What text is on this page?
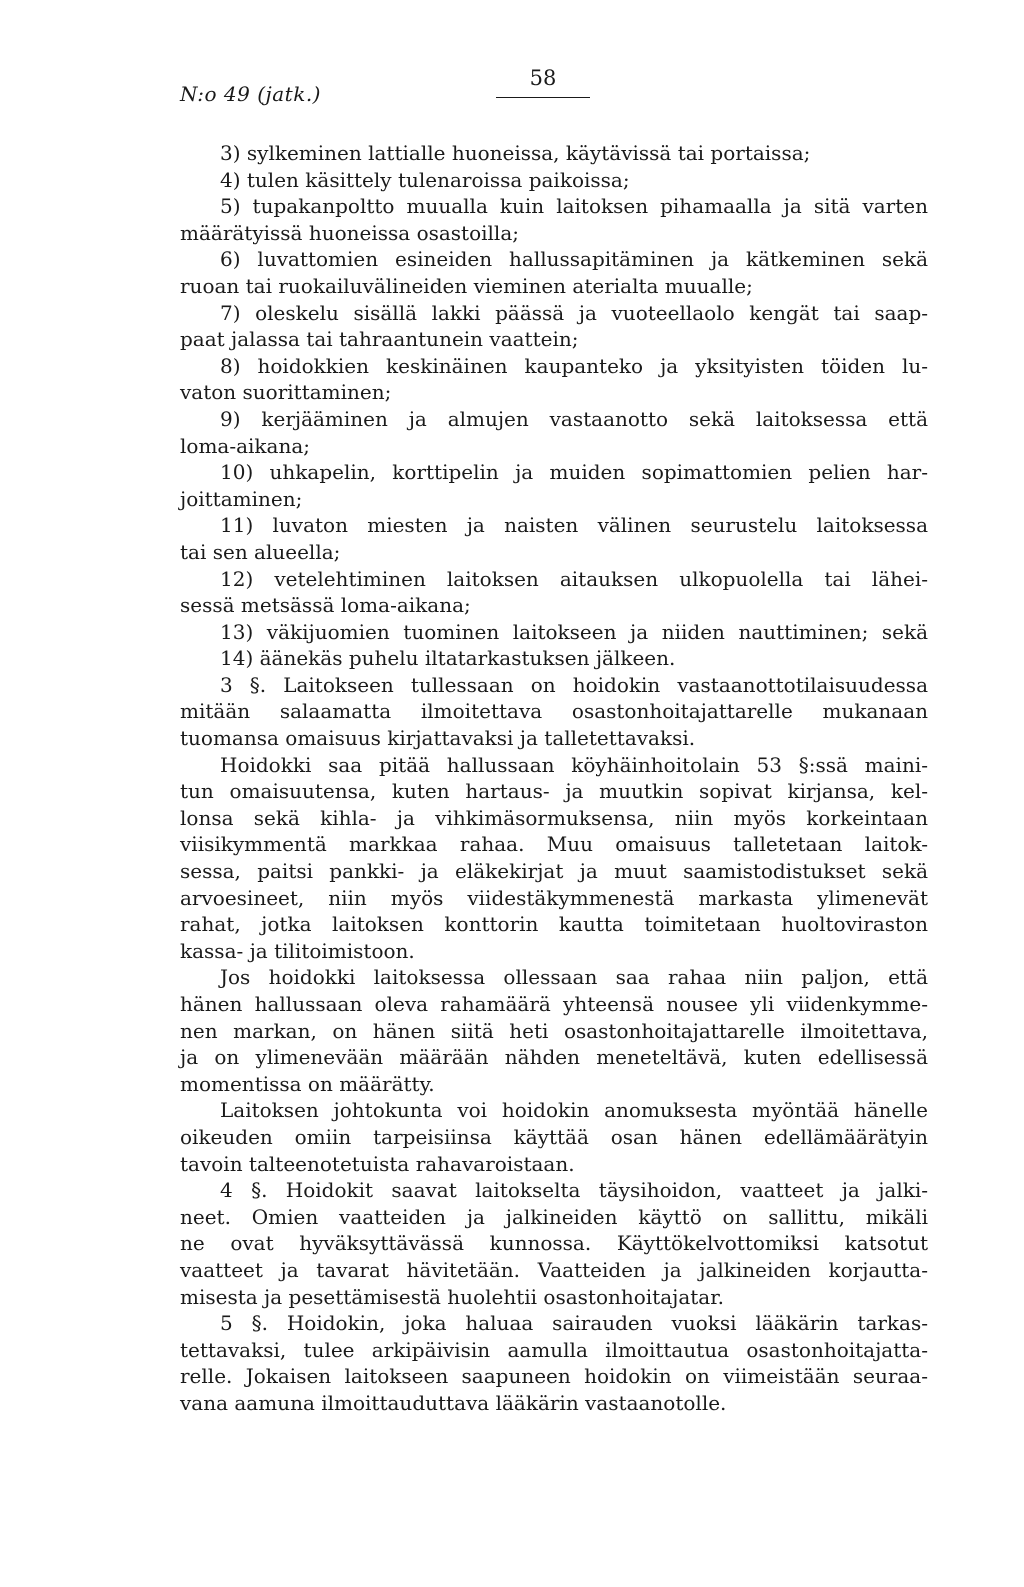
N:o 49 (jatk.)
58
3) sylkeminen lattialle huoneissa, käytävissä tai portaissa;
4) tulen käsittely tulenaroissa paikoissa;
5) tupakanpoltto muualla kuin laitoksen pihamaalla ja sitä varten
määrätyissä huoneissa osastoilla;
6) luvattomien esineiden hallussapitäminen ja kätkeminen sekä
ruoan tai ruokailuvälineiden vieminen aterialta muualle;
7) oleskelu sisällä lakki päässä ja vuoteellaolo kengät tai saap-
paat jalassa tai tahraantunein vaattein;
8) hoidokkien keskinäinen kaupanteko ja yksityisten töiden lu-
vaton suorittaminen;
9) kerjääminen ja almujen vastaanotto sekä laitoksessa että
loma-aikana;
10) uhkapelin, korttipelin ja muiden sopimattomien pelien har-
joittaminen;
11) luvaton miesten ja naisten välinen seurustelu laitoksessa
tai sen alueella;
12) vetelehtiminen laitoksen aitauksen ulkopuolella tai lähei-
sessä metsässä loma-aikana;
13) väkijuomien tuominen laitokseen ja niiden nauttiminen; sekä
14) äänekäs puhelu iltatarkastuksen jälkeen.
3 §. Laitokseen tullessaan on hoidokin vastaanottotilaisuudessa
mitään salaamatta ilmoitettava osastonhoitajattarelle mukanaan
tuomansa omaisuus kirjattavaksi ja talletettavaksi.
Hoidokki saa pitää hallussaan köyhäinhoitolain 53 §:ssä maini-
tun omaisuutensa, kuten hartaus- ja muutkin sopivat kirjansa, kel-
lonsa sekä kihla- ja vihkimäsormuksensa, niin myös korkeintaan
viisikymmentä markkaa rahaa. Muu omaisuus talletetaan laitok-
sessa, paitsi pankki- ja eläkekirjat ja muut saamistodistukset sekä
arvoesineet, niin myös viidestäkymmenestä markasta ylimenevät
rahat, jotka laitoksen konttorin kautta toimitetaan huoltoviraston
kassa- ja tilitoimistoon.
Jos hoidokki laitoksessa ollessaan saa rahaa niin paljon, että
hänen hallussaan oleva rahamäärä yhteensä nousee yli viidenkymme-
nen markan, on hänen siitä heti osastonhoitajattarelle ilmoitettava,
ja on ylimenevään määrään nähden meneteltävä, kuten edellisessä
momentissa on määrätty.
Laitoksen johtokunta voi hoidokin anomuksesta myöntää hänelle
oikeuden omiin tarpeisiinsa käyttää osan hänen edellämäärätyin
tavoin talteenotetuista rahavaroistaan.
4 §. Hoidokit saavat laitokselta täysihoidon, vaatteet ja jalki-
neet. Omien vaatteiden ja jalkineiden käyttö on sallittu, mikäli
ne ovat hyväksyttävässä kunnossa. Käyttökelvottomiksi katsotut
vaatteet ja tavarat hävitetään. Vaatteiden ja jalkineiden korjautta-
misesta ja pesettämisestä huolehtii osastonhoitajatar.
5 §. Hoidokin, joka haluaa sairauden vuoksi lääkärin tarkas-
tettavaksi, tulee arkipäivisin aamulla ilmoittautua osastonhoitajatta-
relle. Jokaisen laitokseen saapuneen hoidokin on viimeistään seuraa-
vana aamuna ilmoittauduttava lääkärin vastaanotolle.
